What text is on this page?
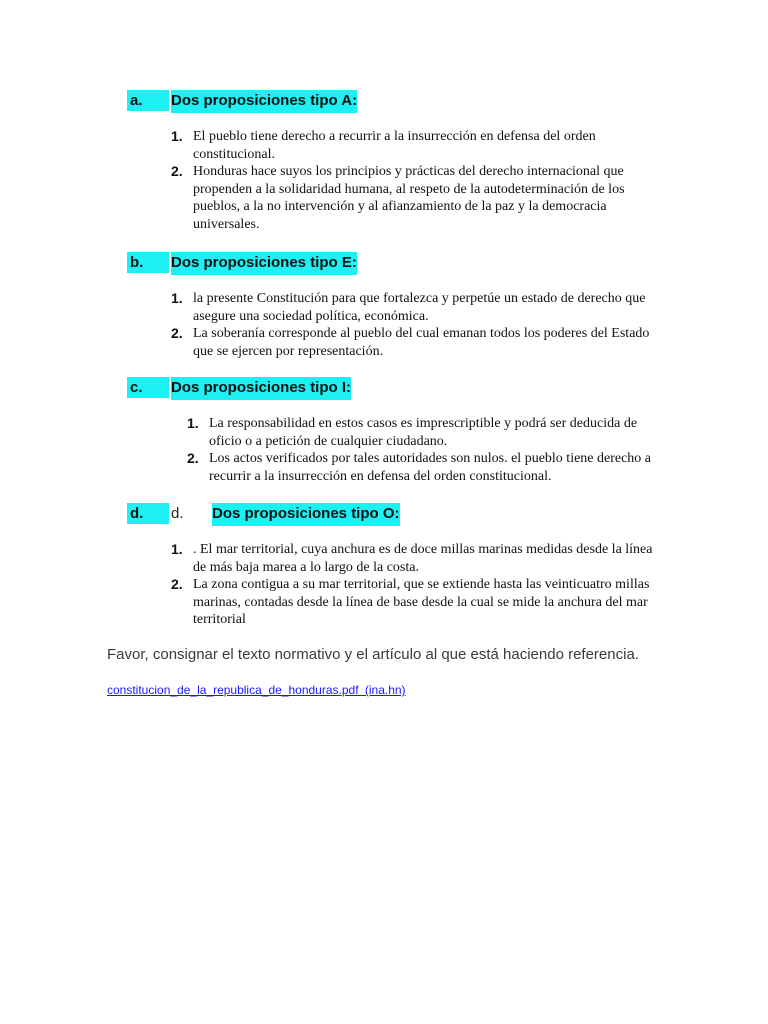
a. Dos proposiciones tipo A:
1. El pueblo tiene derecho a recurrir a la insurrección en defensa del orden constitucional.
2. Honduras hace suyos los principios y prácticas del derecho internacional que propenden a la solidaridad humana, al respeto de la autodeterminación de los pueblos, a la no intervención y al afianzamiento de la paz y la democracia universales.
b. Dos proposiciones tipo E:
1. la presente Constitución para que fortalezca y perpetúe un estado de derecho que asegure una sociedad política, económica.
2. La soberanía corresponde al pueblo del cual emanan todos los poderes del Estado que se ejercen por representación.
c. Dos proposiciones tipo I:
1. La responsabilidad en estos casos es imprescriptible y podrá ser deducida de oficio o a petición de cualquier ciudadano.
2. Los actos verificados por tales autoridades son nulos. el pueblo tiene derecho a recurrir a la insurrección en defensa del orden constitucional.
d. d. Dos proposiciones tipo O:
1. . El mar territorial, cuya anchura es de doce millas marinas medidas desde la línea de más baja marea a lo largo de la costa.
2. La zona contigua a su mar territorial, que se extiende hasta las veinticuatro millas marinas, contadas desde la línea de base desde la cual se mide la anchura del mar territorial
Favor, consignar el texto normativo y el artículo al que está haciendo referencia.
constitucion_de_la_republica_de_honduras.pdf (ina.hn)
